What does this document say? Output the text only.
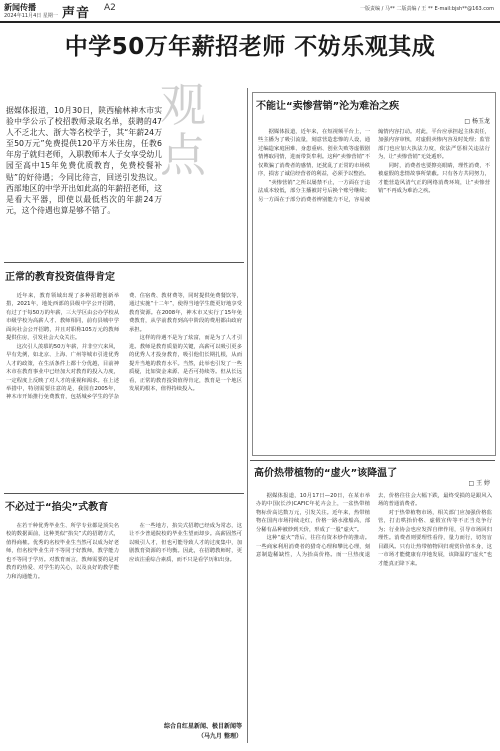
新闻传播
2024年11月4日 星期一 声音 A2	一版责编 / 马** 二版责编 / 王 ** E-mail:bjsh**@163.com
中学50万年薪招老师 不妨乐观其成
观点
据媒体报道，10月30日，陕西榆林神木市实验中学公示了校招教师录取名单，获聘的47人不乏北大、浙大等名校学子，其“年薪24万至50万元”免费提供120平方米住房，任教6年房子就归老师，入职教师本人子女享受幼儿园至高中15年免费优质教育，免费校餐补贴”的好待遇；今同比待言，回送引发热议。西部地区的中学开出如此高的年薪招老师，这是看大平器，即使以最低档次的年薪24万元，这个待遇也算是够不错了。
正常的教育投资值得肯定

近年来，教育领域出现了多种招聘创新举措，2021年，地处西部的县级中学公开招聘，有过了于每50万的年薪，三大学区由公办学校从市级学校为高薪人才、教师相同，前有县城中学面向社会公开招聘，并且对职称105万元的教师提供住房，引发社会大众关注。

这次引人羡慕的50万年薪，并非空穴来风，早有先例，如北京、上海、广州等城市引进优秀人才的政策，在生活条件上都十分优越，目前神木市在教育事业中已经加大对教育的投入力度，一定程度上反映了对人才的重视和渴求。在上述举措中，特别需要注意的是，我国自2005年，神木市开始推行免费教育，包括城乡学生的学杂费、住宿费、教材费等，同时提供免费餐饮等，通过实施“十二年”，使得当地学生能更好地享受教育资源。在2008年，神木市又实行了15年免费教育，从学前教育到高中阶段的费用都由政府承担。

这样的待遇不是为了炫富，而是为了人才引进。教师是教育质量的关键，高薪可以吸引更多的优秀人才投身教育，吸引他们长期扎根，从而提升当地的教育水平。当然，此举也引发了一些质疑，比如资金来源、是否可持续等。但从长远看，正常的教育投资值得肯定，教育是一个地区发展的根本，值得持续投入。

不必过于“掐尖”式教育

在若干种优秀毕业生、所学专业都是顶尖名校的数据面前，这种类似“掐尖”式的招聘方式，值得商榷。优秀的名校毕业生当然可以成为好老师，但名校毕业生并不等同于好教师，教学能力也不等同于学历。对教育而言，教师需要的是对教育的热爱、对学生的关心，以及良好的教学能力和沟通能力。

在一些地方，掐尖式招聘已经成为常态，这让不少普通院校的毕业生望而却步。高薪固然可以吸引人才，但也可能导致人才的过度集中，加剧教育资源的不均衡。因此，在招聘教师时，更应该注重综合素质，而不只是看学历和出身。

综合自红星新闻、极目新闻等
（马九月 整理）
不能让“卖惨营销”沦为难治之疾
□ 杨玉龙

据媒体报道，近年来，在短视频平台上，一些主播为了吸引流量，刻意营造悲惨的人设，通过编造家庭困难、身患重病、创业失败等虚假剧情博取同情，进而带货牟利。这种“卖惨营销”不仅欺骗了消费者的感情，还扰乱了正常的市场秩序，损害了诚信经营者的利益，必须予以整治。

“卖惨营销”之所以屡禁不止，一方面在于违法成本较低，部分主播被封号后换个账号继续；另一方面在于部分消费者辨别能力不足，容易被煽情内容打动。对此，平台应承担起主体责任，加强内容审核，对虚假卖惨内容及时处理；监管部门也应加大执法力度，依法严惩相关违法行为，让“卖惨营销”无处遁形。

同时，消费者也要擦亮眼睛，理性消费，不被虚假的悲情故事所蒙蔽。只有各方共同努力，才能营造风清气正的网络消费环境，让“卖惨营销”不再成为难治之疾。

高价热带植物的“虚火”该降温了
□ 王 婷

据媒体报道，10月17日—20日，在某市举办的中国(长沙)CAFIC年花卉会上，一盆热带植物标价高达数万元，引发关注。近年来，热带植物在国内市场持续走红，价格一路水涨船高，部分稀有品种被炒到天价，形成了一股“虚火”。

这种“虚火”背后，往往有资本炒作的推动。一些商家利用消费者的猎奇心理和攀比心理，刻意制造稀缺性，人为抬高价格。而一旦热度退去，价格往往会大幅下跌，最终受损的是跟风入场的普通消费者。

对于热带植物市场，相关部门应加强价格监管，打击哄抬价格、虚假宣传等不正当竞争行为；行业协会也应发挥自律作用，引导市场回归理性。消费者则要理性看待，量力而行，切勿盲目跟风。只有让热带植物回归观赏价值本身，这一市场才能健康有序地发展，该降温的“虚火”也才能真正降下来。
